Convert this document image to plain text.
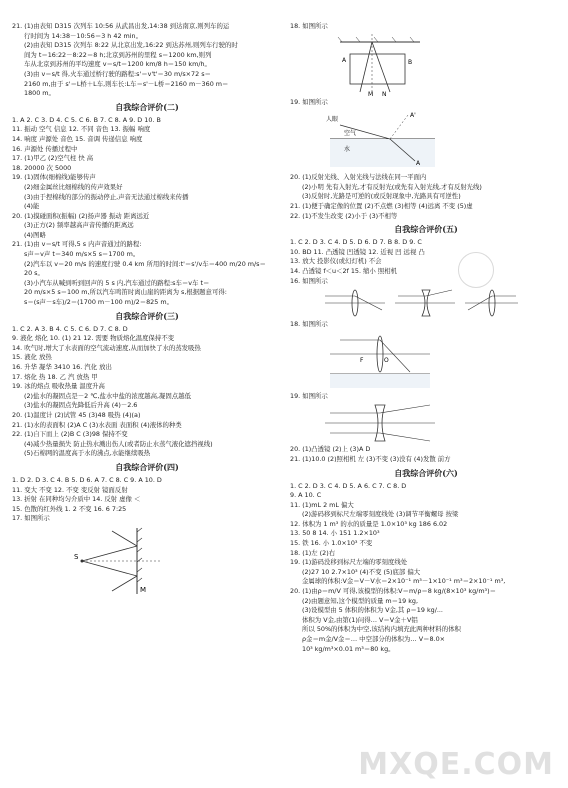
21. (1)由表知 D315 次列车 10:56 从武昌出发,14:38 到达南京,则列车的运
行时间为 14:38－10:56＝3 h 42 min。
(2)由表知 D315 次列车 8:22 从北京出发,16:22 到达苏州,则列车行驶的时
间为 t＝16:22－8:22＝8 h;北京到苏州的里程 s＝1200 km,则列
车从北京到苏州的平均速度 v＝s/t＝1200 km/8 h＝150 km/h。
(3)由 v＝s/t 得,火车通过桥行驶的路程:s'＝v't'＝30 m/s×72 s＝
2160 m,由于 s'＝L桥＋L车,则车长:L车＝s'－L桥＝2160 m－360 m＝
1800 m。
自我综合评价(二)
1. A 2. C 3. D 4. C 5. C 6. B 7. C 8. A 9. D 10. B
11. 振动 空气 信息 12. 不同 音色 13. 振幅 响度
14. 响度 声源处 音色 15. 音调 传递信息 响度
16. 声源处 传播过程中
17. (1)甲乙 (2)空气柱 快 高
18. 20000 次 5000
19. (1)固体(细棉线)能够传声
(2)细金属丝比细棉线的传声效果好
(3)由于捏棉线的部分的振动停止,声音无法通过棉线来传播
(4)能
20. (1)摸碰面积(振幅) (2)扬声器 振动 距离远近
(3)正方(2) 频率越高声音传播的距离远
(4)图略
21. (1)由 v＝s/t 可得,5 s 内声音通过的路程:
s声＝v声 t＝340 m/s×5 s＝1700 m。
(2)汽车以 v＝20 m/s 的速度行驶 0.4 km 所用的时间:t'＝s'/v车＝400 m/20 m/s＝
20 s。
(3)小汽车从喊到听到回声的 5 s 内,汽车通过的路程:s车＝v车 t＝
20 m/s×5 s＝100 m,所以汽车鸣笛时离山崖的距离为 s,根据题意可得:
s＝(s声－s车)/2＝(1700 m－100 m)/2＝825 m。
自我综合评价(三)
1. C 2. A 3. B 4. C 5. C 6. D 7. C 8. D
9. 液化 熔化 10. (1) 21 12. 需要 物质熔化温度保持不变
14. 吹气时,增大了水表面的空气流动速度,从而加快了水的蒸发吸热
15. 液化 放热
16. 升华 凝华 3410 16. 汽化 放出
17. 熔化 热 18. 乙 汽 放热 甲
19. 冰的熔点 吸收热量 温度升高
(2)盐水的凝固点是－2 ℃,盐水中盐的浓度越高,凝固点越低
(3)盐水的凝固点先降低后升高 (4)－2.6
20. (1)温度计 (2)试管 45 (3)48 吸热 (4)(a)
21. (1)水的表面积 (2)A C (3)水表面 表面积 (4)液体的种类
22. (1)自下而上 (2)B C (3)98 保持不变
(4)减少热量损失 防止热水溅出伤人(或者防止水蒸气液化遮挡视线)
(5)石棉网的温度高于水的沸点,水能继续吸热
自我综合评价(四)
1. D 2. D 3. C 4. B 5. D 6. A 7. C 8. C 9. A 10. D
11. 变大 不变 12. 不变 变反射 镜面反射
13. 折射 在同种均匀介质中 14. 反射 虚像 ＜
15. 色散的红外线 1. 2 不变 16. 6 7:25
17. 如图所示
S
M
18. 如图所示
A
M N
B
19. 如图所示
人眼
空气
水
A
A'
20. (1)反射光线、入射光线与法线在同一平面内
(2)小明 先有入射光,才有反射光(或先有入射光线,才有反射光线)
(3)反射时,光路是可逆的(或反射现象中,光路具有可逆性)
21. (1)便于确定像的位置 (2)不点燃 (3)相等 (4)远离 不变 (5)虚
22. (1)不发生改变 (2)小于 (3)不相等
自我综合评价(五)
1. C 2. D 3. C 4. D 5. D 6. D 7. B 8. D 9. C
10. BD 11. 凸透镜 凹透镜 12. 近视 凹 远视 凸
13. 放大 投影仪(或幻灯机) 不会
14. 凸透镜 f＜u＜2f 15. 缩小 照相机
16. 如图所示
18. 如图所示
F	O
19. 如图所示
20. (1)凸透镜 (2)上 (3)A D
21. (1)10.0 (2)照相机 左 (3)不变 (3)没有 (4)发散 前方
自我综合评价(六)
1. C 2. D 3. C 4. D 5. A 6. C 7. C 8. D
9. A 10. C
11. (1)mL 2 mL 偏大
(2)游码移到标尺左端零刻度线处 (3)调节平衡螺母 按梁
12. 体积为 1 m³ 的水的质量是 1.0×10³ kg 186 6.02
13. 50 8 14. 小 151 1.2×10³
15. 铁 16. 小 1.0×10³ 不变
18. (1)左 (2)右
19. (1)游码没移到标尺左端的零刻度线处
(2)27 10 2.7×10³ (4)不变 (5)底部 偏大
金属球的体积:V金＝V－V水＝2×10⁻¹ m³－1×10⁻¹ m³＝2×10⁻¹ m³,
20. (1)由ρ＝m/V 可得,该模型的体积:V＝m/ρ＝8 kg/(8×10³ kg/m³)＝
(2)由题意知,这个模型的质量 m＝19 kg,
(3)设模型由 5 体积的体积为 V金,其 ρ＝19 kg/...
体积为 V金,由第(1)问得… V＝V金＋V铝
所以 50%的体积为中空,该结构内填充此两种材料的体积
ρ金＝m金/V金＝… 中空部分的体积为… V＝8.0×
10³ kg/m³×0.01 m³＝80 kg。
MXQE.COM
